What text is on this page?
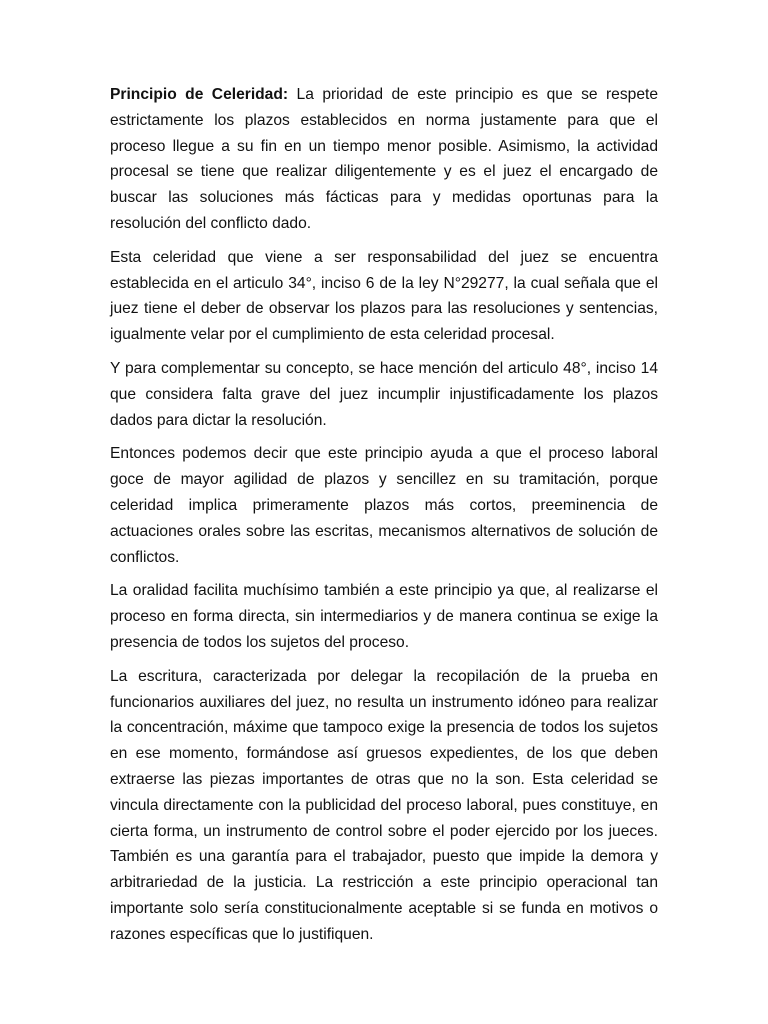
Principio de Celeridad: La prioridad de este principio es que se respete estrictamente los plazos establecidos en norma justamente para que el proceso llegue a su fin en un tiempo menor posible. Asimismo, la actividad procesal se tiene que realizar diligentemente y es el juez el encargado de buscar las soluciones más fácticas para y medidas oportunas para la resolución del conflicto dado.

Esta celeridad que viene a ser responsabilidad del juez se encuentra establecida en el articulo 34°, inciso 6 de la ley N°29277, la cual señala que el juez tiene el deber de observar los plazos para las resoluciones y sentencias, igualmente velar por el cumplimiento de esta celeridad procesal.

Y para complementar su concepto, se hace mención del articulo 48°, inciso 14 que considera falta grave del juez incumplir injustificadamente los plazos dados para dictar la resolución.

Entonces podemos decir que este principio ayuda a que el proceso laboral goce de mayor agilidad de plazos y sencillez en su tramitación, porque celeridad implica primeramente plazos más cortos, preeminencia de actuaciones orales sobre las escritas, mecanismos alternativos de solución de conflictos.

La oralidad facilita muchísimo también a este principio ya que, al realizarse el proceso en forma directa, sin intermediarios y de manera continua se exige la presencia de todos los sujetos del proceso.

La escritura, caracterizada por delegar la recopilación de la prueba en funcionarios auxiliares del juez, no resulta un instrumento idóneo para realizar la concentración, máxime que tampoco exige la presencia de todos los sujetos en ese momento, formándose así gruesos expedientes, de los que deben extraerse las piezas importantes de otras que no la son. Esta celeridad se vincula directamente con la publicidad del proceso laboral, pues constituye, en cierta forma, un instrumento de control sobre el poder ejercido por los jueces. También es una garantía para el trabajador, puesto que impide la demora y arbitrariedad de la justicia. La restricción a este principio operacional tan importante solo sería constitucionalmente aceptable si se funda en motivos o razones específicas que lo justifiquen.
